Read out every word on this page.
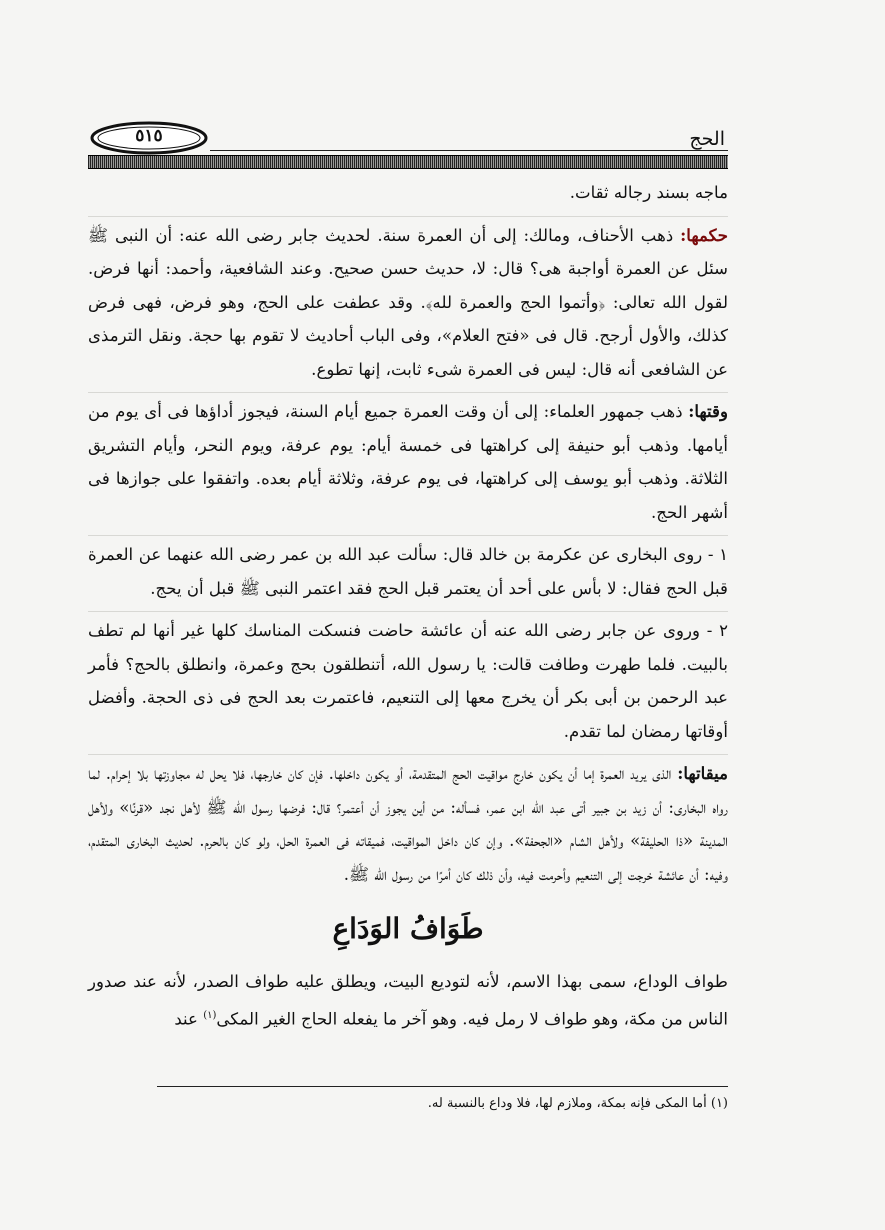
الحج
٥١٥

ماجه بسند رجاله ثقات.

حكمها: ذهب الأحناف، ومالك: إلى أن العمرة سنة. لحديث جابر رضى الله عنه: أن النبى ﷺ سئل عن العمرة أواجبة هى؟ قال: لا، حديث حسن صحيح. وعند الشافعية، وأحمد: أنها فرض. لقول الله تعالى: ﴿وأتموا الحج والعمرة لله﴾. وقد عطفت على الحج، وهو فرض، فهى فرض كذلك، والأول أرجح. قال فى «فتح العلام»، وفى الباب أحاديث لا تقوم بها حجة. ونقل الترمذى عن الشافعى أنه قال: ليس فى العمرة شىء ثابت، إنها تطوع.

وقتها: ذهب جمهور العلماء: إلى أن وقت العمرة جميع أيام السنة، فيجوز أداؤها فى أى يوم من أيامها. وذهب أبو حنيفة إلى كراهتها فى خمسة أيام: يوم عرفة، ويوم النحر، وأيام التشريق الثلاثة. وذهب أبو يوسف إلى كراهتها، فى يوم عرفة، وثلاثة أيام بعده. واتفقوا على جوازها فى أشهر الحج.

١ - روى البخارى عن عكرمة بن خالد قال: سألت عبد الله بن عمر رضى الله عنهما عن العمرة قبل الحج فقال: لا بأس على أحد أن يعتمر قبل الحج فقد اعتمر النبى ﷺ قبل أن يحج.

٢ - وروى عن جابر رضى الله عنه أن عائشة حاضت فنسكت المناسك كلها غير أنها لم تطف بالبيت. فلما طهرت وطافت قالت: يا رسول الله، أتنطلقون بحج وعمرة، وانطلق بالحج؟ فأمر عبد الرحمن بن أبى بكر أن يخرج معها إلى التنعيم، فاعتمرت بعد الحج فى ذى الحجة. وأفضل أوقاتها رمضان لما تقدم.

ميقاتها: الذى يريد العمرة إما أن يكون خارج مواقيت الحج المتقدمة، أو يكون داخلها. فإن كان خارجها، فلا يحل له مجاوزتها بلا إحرام. لما رواه البخارى: أن زيد بن جبير أتى عبد الله ابن عمر، فسأله: من أين يجوز أن أعتمر؟ قال: فرضها رسول الله ﷺ لأهل نجد «قرنًا» ولأهل المدينة «ذا الحليفة» ولأهل الشام «الجحفة». وإن كان داخل المواقيت، فميقاته فى العمرة الحل، ولو كان بالحرم. لحديث البخارى المتقدم، وفيه: أن عائشة خرجت إلى التنعيم وأحرمت فيه، وأن ذلك كان أمرًا من رسول الله ﷺ.

طَوَافُ الوَدَاعِ

طواف الوداع، سمى بهذا الاسم، لأنه لتوديع البيت، ويطلق عليه طواف الصدر، لأنه عند صدور الناس من مكة، وهو طواف لا رمل فيه. وهو آخر ما يفعله الحاج الغير المكى$^{(١)}$ عند

(١) أما المكى فإنه بمكة، وملازم لها، فلا وداع بالنسبة له.
